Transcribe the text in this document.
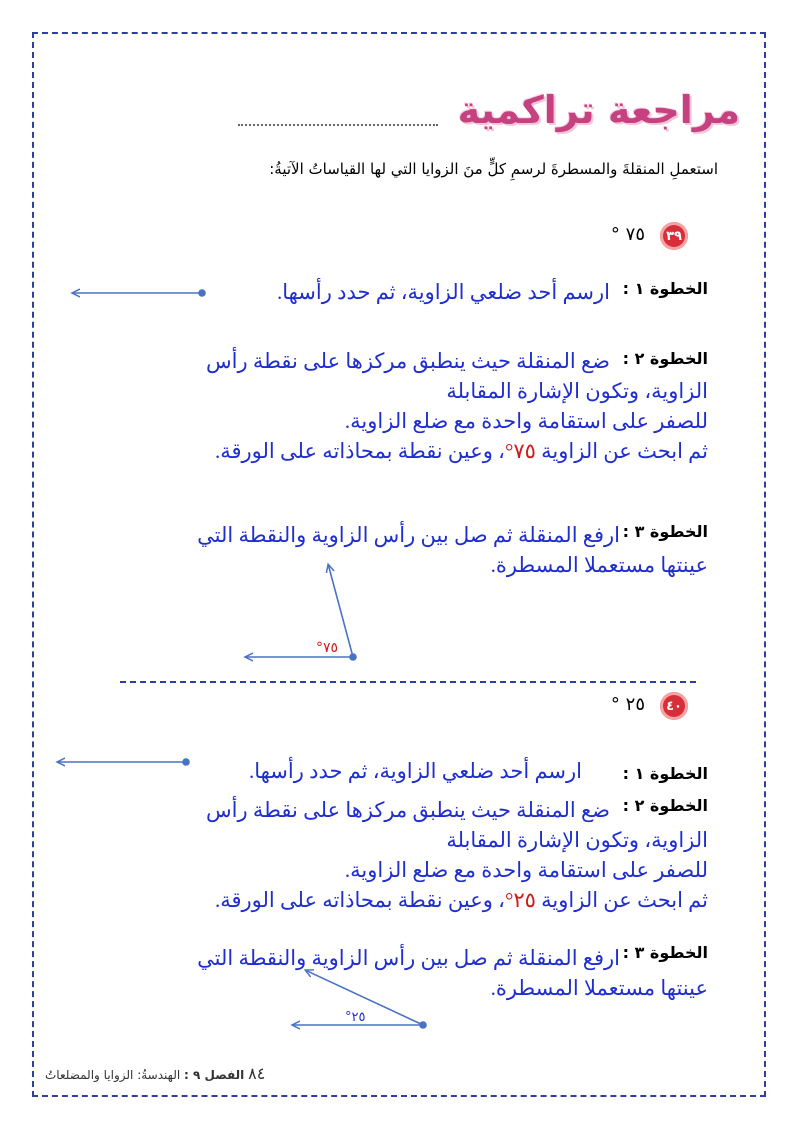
مراجعة تراكمية
استعملِ المنقلةَ والمسطرةَ لرسمِ كلٍّ منَ الزوايا التي لها القياساتُ الآتيةُ:
٣٩
٧٥ °
الخطوة ١ :
ارسم أحد ضلعي الزاوية، ثم حدد رأسها.
الخطوة ٢ :
ضع المنقلة حيث ينطبق مركزها على نقطة رأس
الزاوية، وتكون الإشارة المقابلة
للصفر على استقامة واحدة مع ضلع الزاوية.
ثم ابحث عن الزاوية ٧٥°، وعين نقطة بمحاذاته على الورقة.
الخطوة ٣ :
ارفع المنقلة ثم صل بين رأس الزاوية والنقطة التي
عينتها مستعملا المسطرة.
°٧٥
٤٠
٢٥ °
الخطوة ١ :
ارسم أحد ضلعي الزاوية، ثم حدد رأسها.
الخطوة ٢ :
ضع المنقلة حيث ينطبق مركزها على نقطة رأس
الزاوية، وتكون الإشارة المقابلة
للصفر على استقامة واحدة مع ضلع الزاوية.
ثم ابحث عن الزاوية ٢٥°، وعين نقطة بمحاذاته على الورقة.
الخطوة ٣ :
ارفع المنقلة ثم صل بين رأس الزاوية والنقطة التي
عينتها مستعملا المسطرة.
°٢٥
٨٤ الفصل ٩ : الهندسةُ: الزوايا والمضلعاتُ
